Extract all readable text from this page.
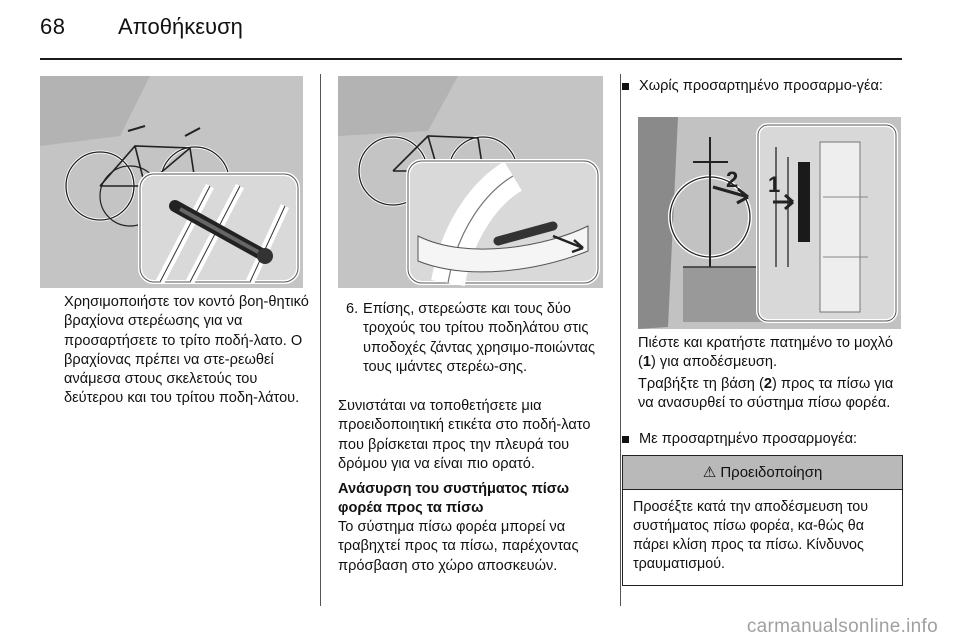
68 Αποθήκευση
2 1
Χρησιμοποιήστε τον κοντό βοη-θητικό βραχίονα στερέωσης για να προσαρτήσετε το τρίτο ποδή-λατο. Ο βραχίονας πρέπει να στε-ρεωθεί ανάμεσα στους σκελετούς του δεύτερου και του τρίτου ποδη-λάτου.
6. Επίσης, στερεώστε και τους δύο τροχούς του τρίτου ποδηλάτου στις υποδοχές ζάντας χρησιμο-ποιώντας τους ιμάντες στερέω-σης.
Συνιστάται να τοποθετήσετε μια προειδοποιητική ετικέτα στο ποδή-λατο που βρίσκεται προς την πλευρά του δρόμου για να είναι πιο ορατό.
Ανάσυρση του συστήματος πίσω φορέα προς τα πίσω
Το σύστημα πίσω φορέα μπορεί να τραβηχτεί προς τα πίσω, παρέχοντας πρόσβαση στο χώρο αποσκευών.
Χωρίς προσαρτημένο προσαρμο-γέα:
Πιέστε και κρατήστε πατημένο το μοχλό (1) για αποδέσμευση.
Τραβήξτε τη βάση (2) προς τα πίσω για να ανασυρθεί το σύστημα πίσω φορέα.
Με προσαρτημένο προσαρμογέα:
⚠ Προειδοποίηση
Προσέξτε κατά την αποδέσμευση του συστήματος πίσω φορέα, κα-θώς θα πάρει κλίση προς τα πίσω. Κίνδυνος τραυματισμού.
carmanualsonline.info
